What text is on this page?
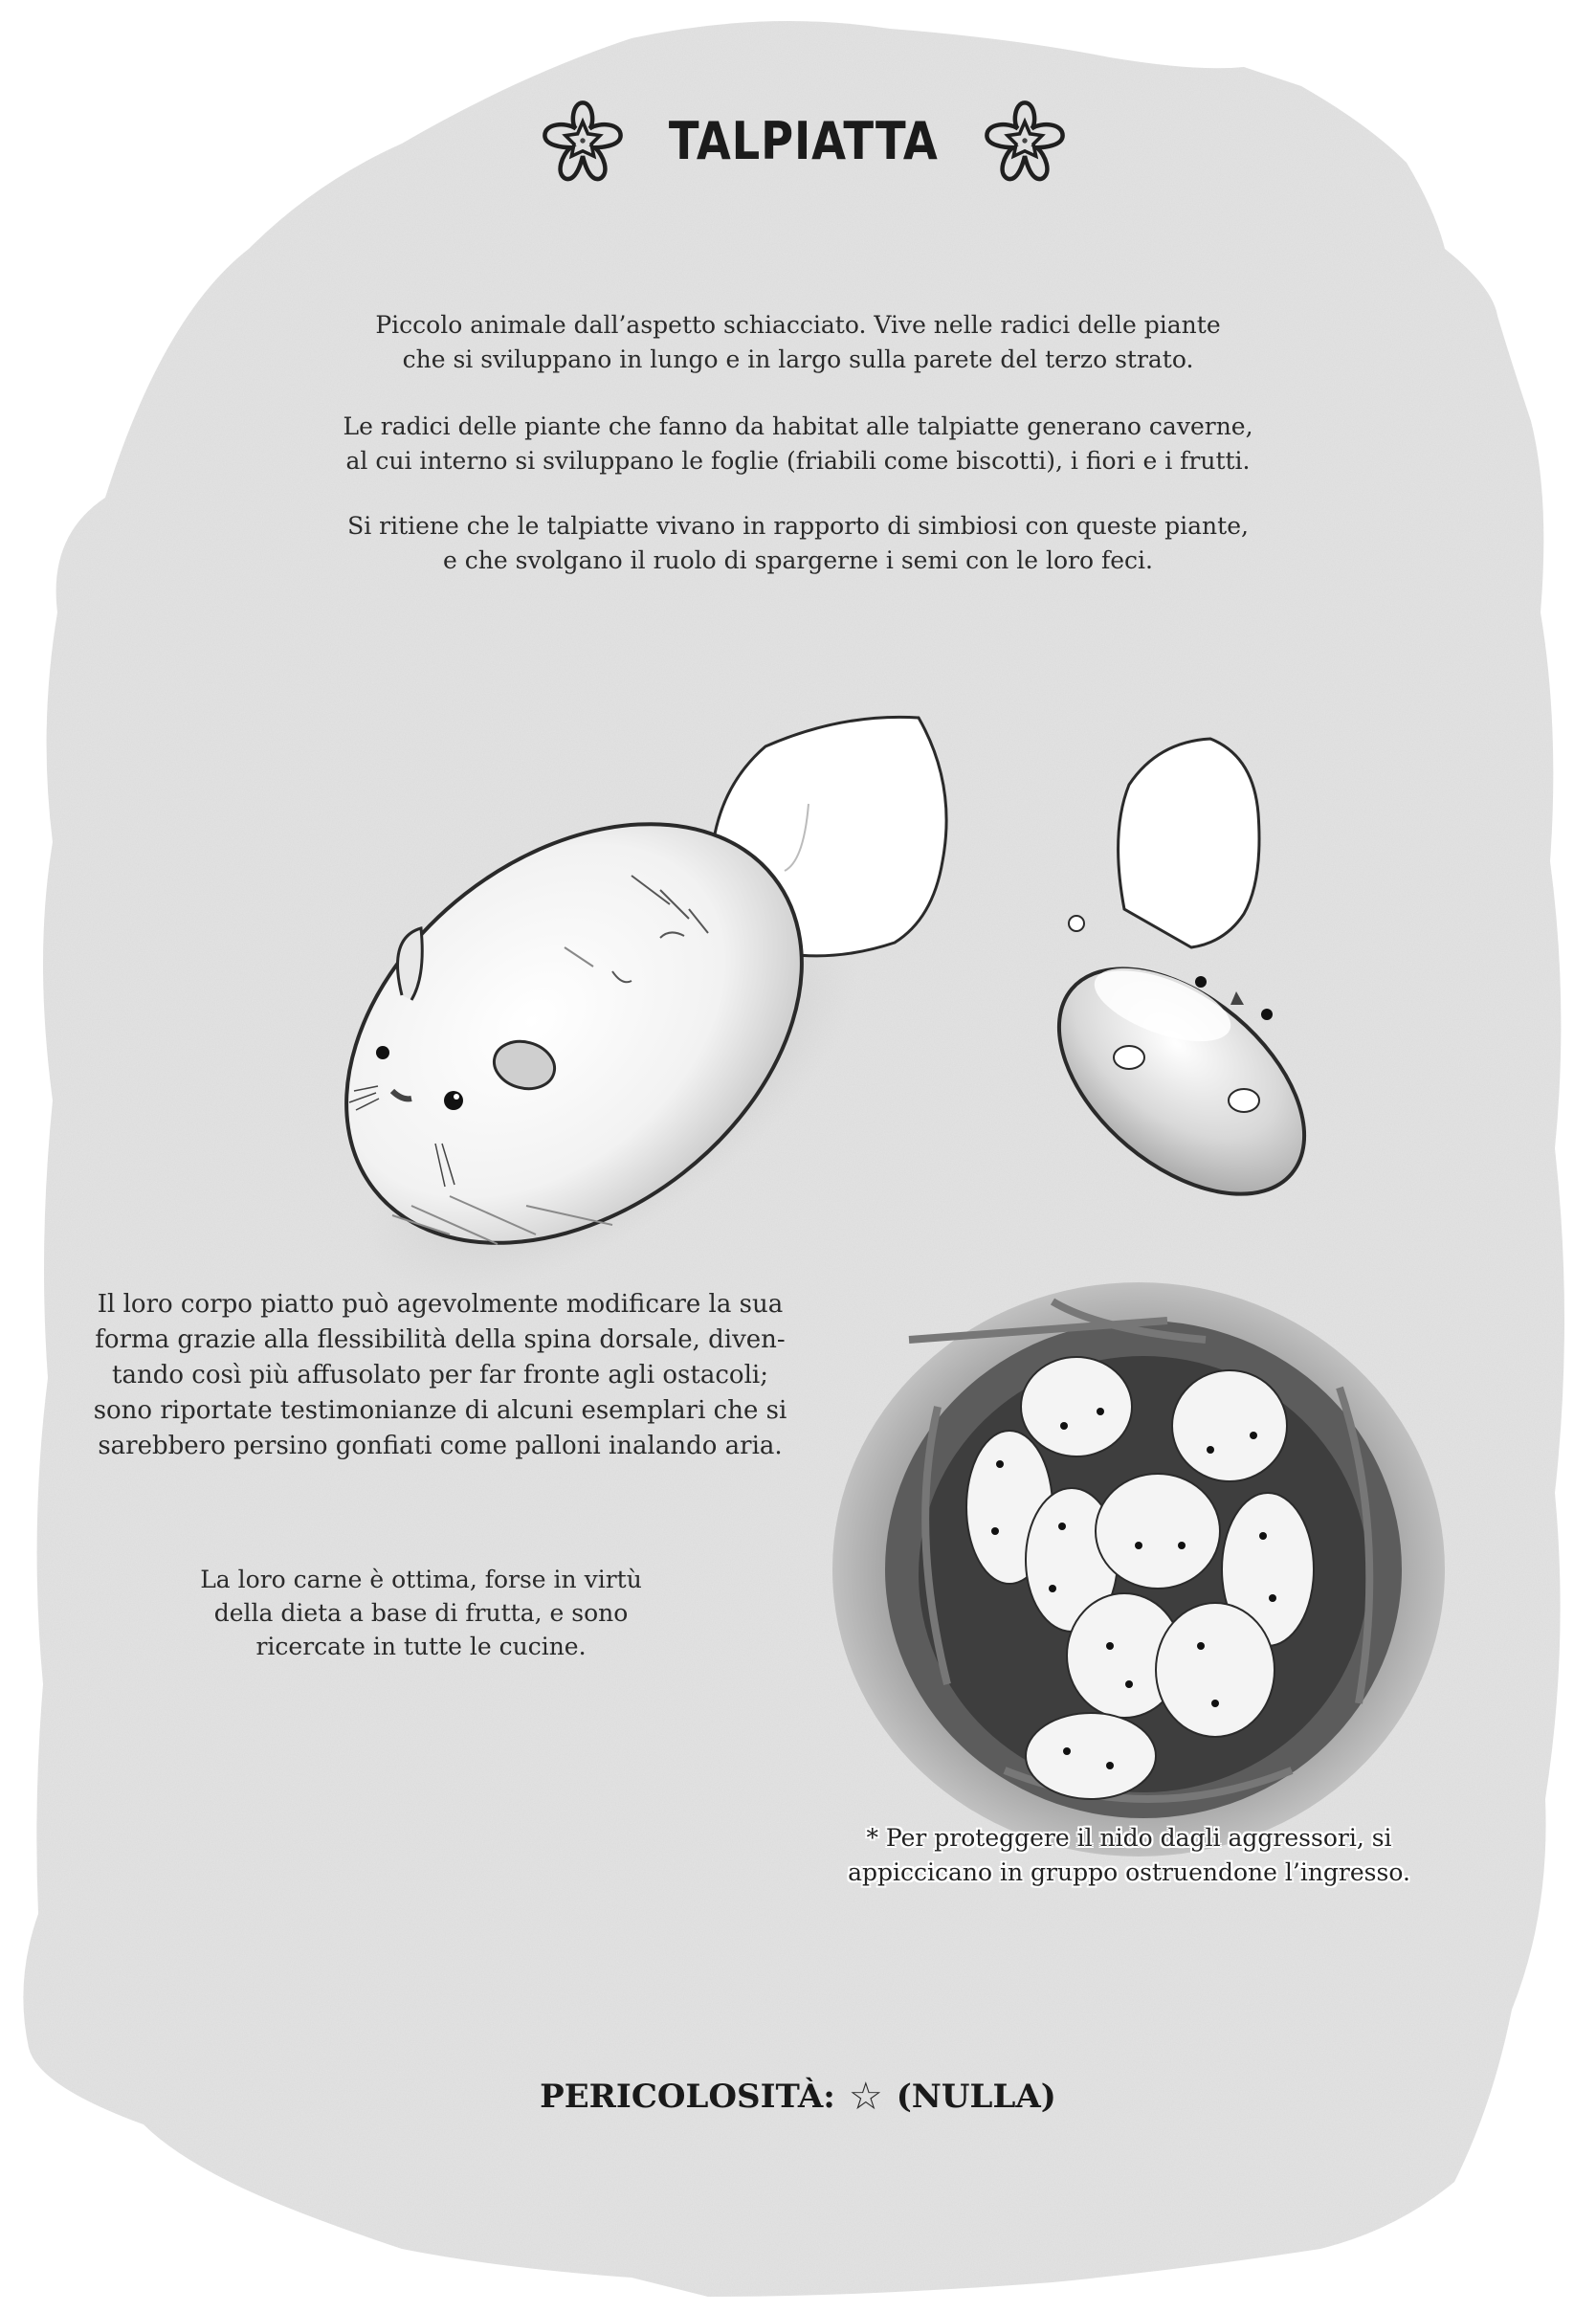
TALPIATTA
Piccolo animale dall’aspetto schiacciato. Vive nelle radici delle piante
che si sviluppano in lungo e in largo sulla parete del terzo strato.
Le radici delle piante che fanno da habitat alle talpiatte generano caverne,
al cui interno si sviluppano le foglie (friabili come biscotti), i fiori e i frutti.
Si ritiene che le talpiatte vivano in rapporto di simbiosi con queste piante,
e che svolgano il ruolo di spargerne i semi con le loro feci.
Il loro corpo piatto può agevolmente modificare la sua
forma grazie alla flessibilità della spina dorsale, diven-
tando così più affusolato per far fronte agli ostacoli;
sono riportate testimonianze di alcuni esemplari che si
sarebbero persino gonfiati come palloni inalando aria.
La loro carne è ottima, forse in virtù
della dieta a base di frutta, e sono
ricercate in tutte le cucine.
* Per proteggere il nido dagli aggressori, si
appiccicano in gruppo ostruendone l’ingresso.
PERICOLOSITÀ: ☆ (NULLA)
